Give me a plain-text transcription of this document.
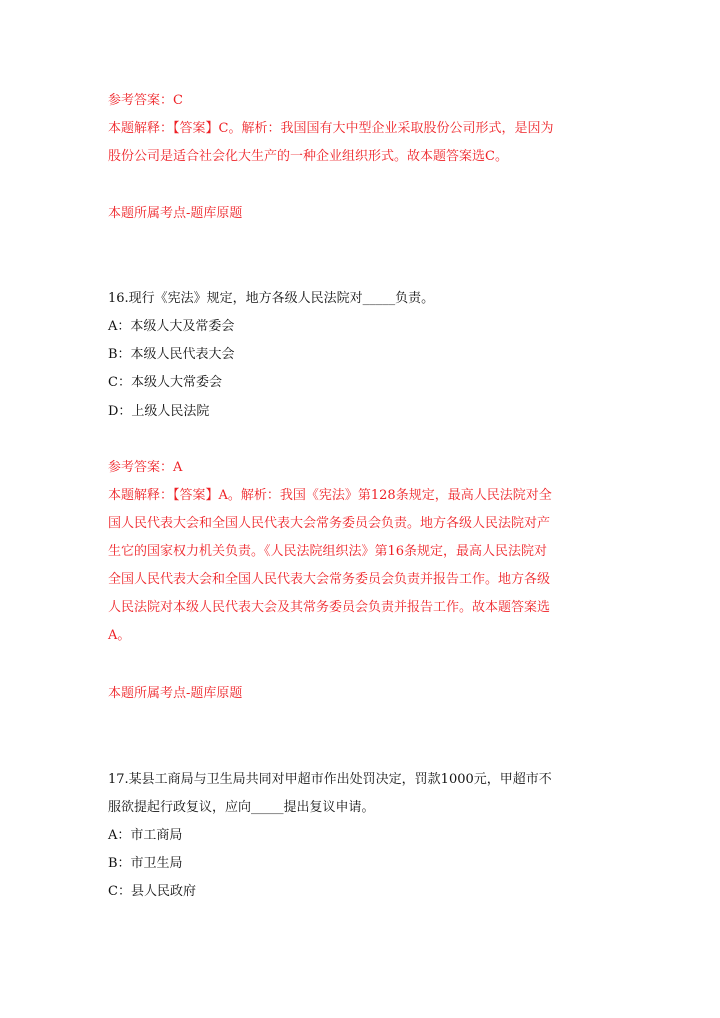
参考答案：C
本题解释：【答案】C。解析：我国国有大中型企业采取股份公司形式，是因为
股份公司是适合社会化大生产的一种企业组织形式。故本题答案选C。
本题所属考点-题库原题
16.现行《宪法》规定，地方各级人民法院对_____负责。
A：本级人大及常委会
B：本级人民代表大会
C：本级人大常委会
D：上级人民法院
参考答案：A
本题解释：【答案】A。解析：我国《宪法》第128条规定，最高人民法院对全
国人民代表大会和全国人民代表大会常务委员会负责。地方各级人民法院对产
生它的国家权力机关负责。《人民法院组织法》第16条规定，最高人民法院对
全国人民代表大会和全国人民代表大会常务委员会负责并报告工作。地方各级
人民法院对本级人民代表大会及其常务委员会负责并报告工作。故本题答案选
A。
本题所属考点-题库原题
17.某县工商局与卫生局共同对甲超市作出处罚决定，罚款1000元，甲超市不
服欲提起行政复议，应向_____提出复议申请。
A：市工商局
B：市卫生局
C：县人民政府
